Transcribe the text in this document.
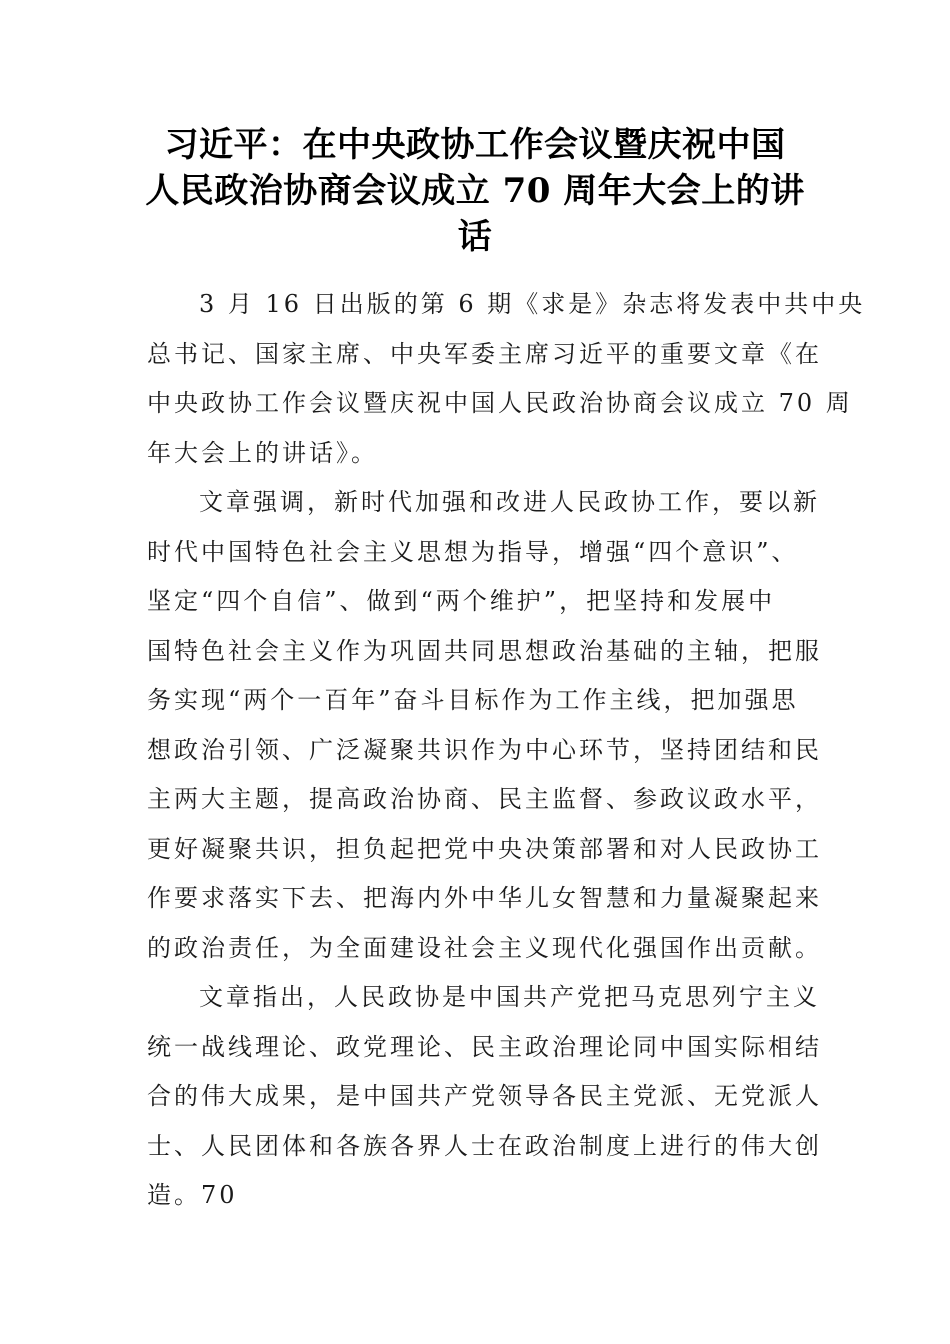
习近平：在中央政协工作会议暨庆祝中国
人民政治协商会议成立 70 周年大会上的讲
话

3 月 16 日出版的第 6 期《求是》杂志将发表中共中央
总书记、国家主席、中央军委主席习近平的重要文章《在
中央政协工作会议暨庆祝中国人民政治协商会议成立 70 周
年大会上的讲话》。

文章强调，新时代加强和改进人民政协工作，要以新
时代中国特色社会主义思想为指导，增强“四个意识”、
坚定“四个自信”、做到“两个维护”，把坚持和发展中
国特色社会主义作为巩固共同思想政治基础的主轴，把服
务实现“两个一百年”奋斗目标作为工作主线，把加强思
想政治引领、广泛凝聚共识作为中心环节，坚持团结和民
主两大主题，提高政治协商、民主监督、参政议政水平，
更好凝聚共识，担负起把党中央决策部署和对人民政协工
作要求落实下去、把海内外中华儿女智慧和力量凝聚起来
的政治责任，为全面建设社会主义现代化强国作出贡献。

文章指出，人民政协是中国共产党把马克思列宁主义
统一战线理论、政党理论、民主政治理论同中国实际相结
合的伟大成果，是中国共产党领导各民主党派、无党派人
士、人民团体和各族各界人士在政治制度上进行的伟大创
造。70
